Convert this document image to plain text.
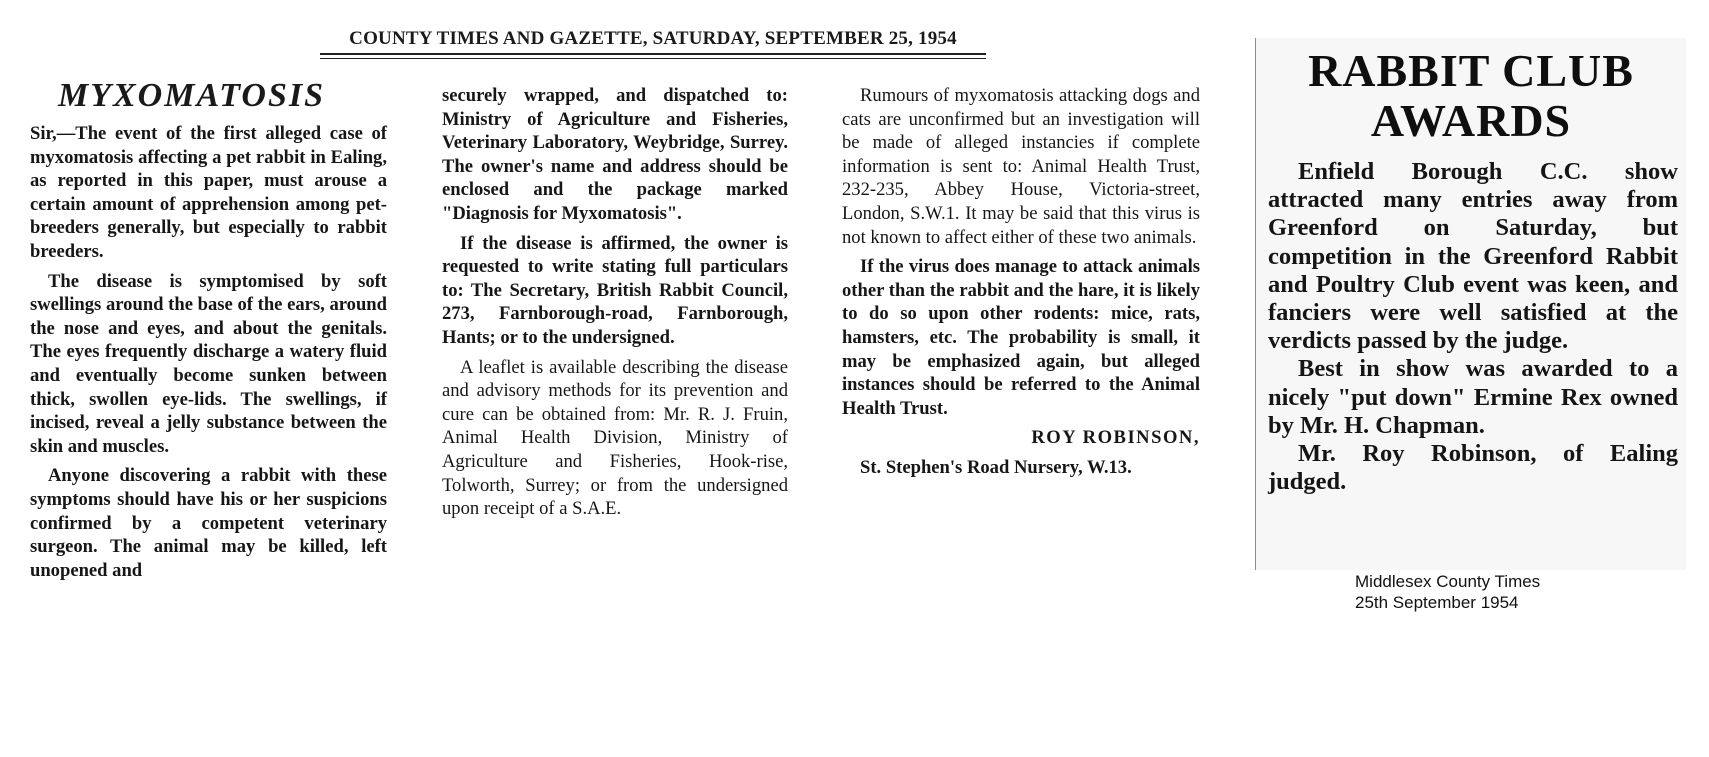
COUNTY TIMES AND GAZETTE, SATURDAY, SEPTEMBER 25, 1954
MYXOMATOSIS

Sir,—The event of the first alleged case of myxomatosis affecting a pet rabbit in Ealing, as reported in this paper, must arouse a certain amount of apprehension among pet-breeders generally, but especially to rabbit breeders.

The disease is symptomised by soft swellings around the base of the ears, around the nose and eyes, and about the genitals. The eyes frequently discharge a watery fluid and eventually become sunken between thick, swollen eye-lids. The swellings, if incised, reveal a jelly substance between the skin and muscles.

Anyone discovering a rabbit with these symptoms should have his or her suspicions confirmed by a competent veterinary surgeon. The animal may be killed, left unopened and

securely wrapped, and dispatched to: Ministry of Agriculture and Fisheries, Veterinary Laboratory, Weybridge, Surrey. The owner's name and address should be enclosed and the package marked "Diagnosis for Myxomatosis".

If the disease is affirmed, the owner is requested to write stating full particulars to: The Secretary, British Rabbit Council, 273, Farnborough-road, Farnborough, Hants; or to the undersigned.

A leaflet is available describing the disease and advisory methods for its prevention and cure can be obtained from: Mr. R. J. Fruin, Animal Health Division, Ministry of Agriculture and Fisheries, Hook-rise, Tolworth, Surrey; or from the undersigned upon receipt of a S.A.E.

Rumours of myxomatosis attacking dogs and cats are unconfirmed but an investigation will be made of alleged instancies if complete information is sent to: Animal Health Trust, 232-235, Abbey House, Victoria-street, London, S.W.1. It may be said that this virus is not known to affect either of these two animals.

If the virus does manage to attack animals other than the rabbit and the hare, it is likely to do so upon other rodents: mice, rats, hamsters, etc. The probability is small, it may be emphasized again, but alleged instances should be referred to the Animal Health Trust.

ROY ROBINSON,

St. Stephen's Road Nursery, W.13.

RABBIT CLUB
AWARDS

Enfield Borough C.C. show attracted many entries away from Greenford on Saturday, but competition in the Greenford Rabbit and Poultry Club event was keen, and fanciers were well satisfied at the verdicts passed by the judge.

Best in show was awarded to a nicely "put down" Ermine Rex owned by Mr. H. Chapman.

Mr. Roy Robinson, of Ealing judged.

Middlesex County Times
25th September 1954
